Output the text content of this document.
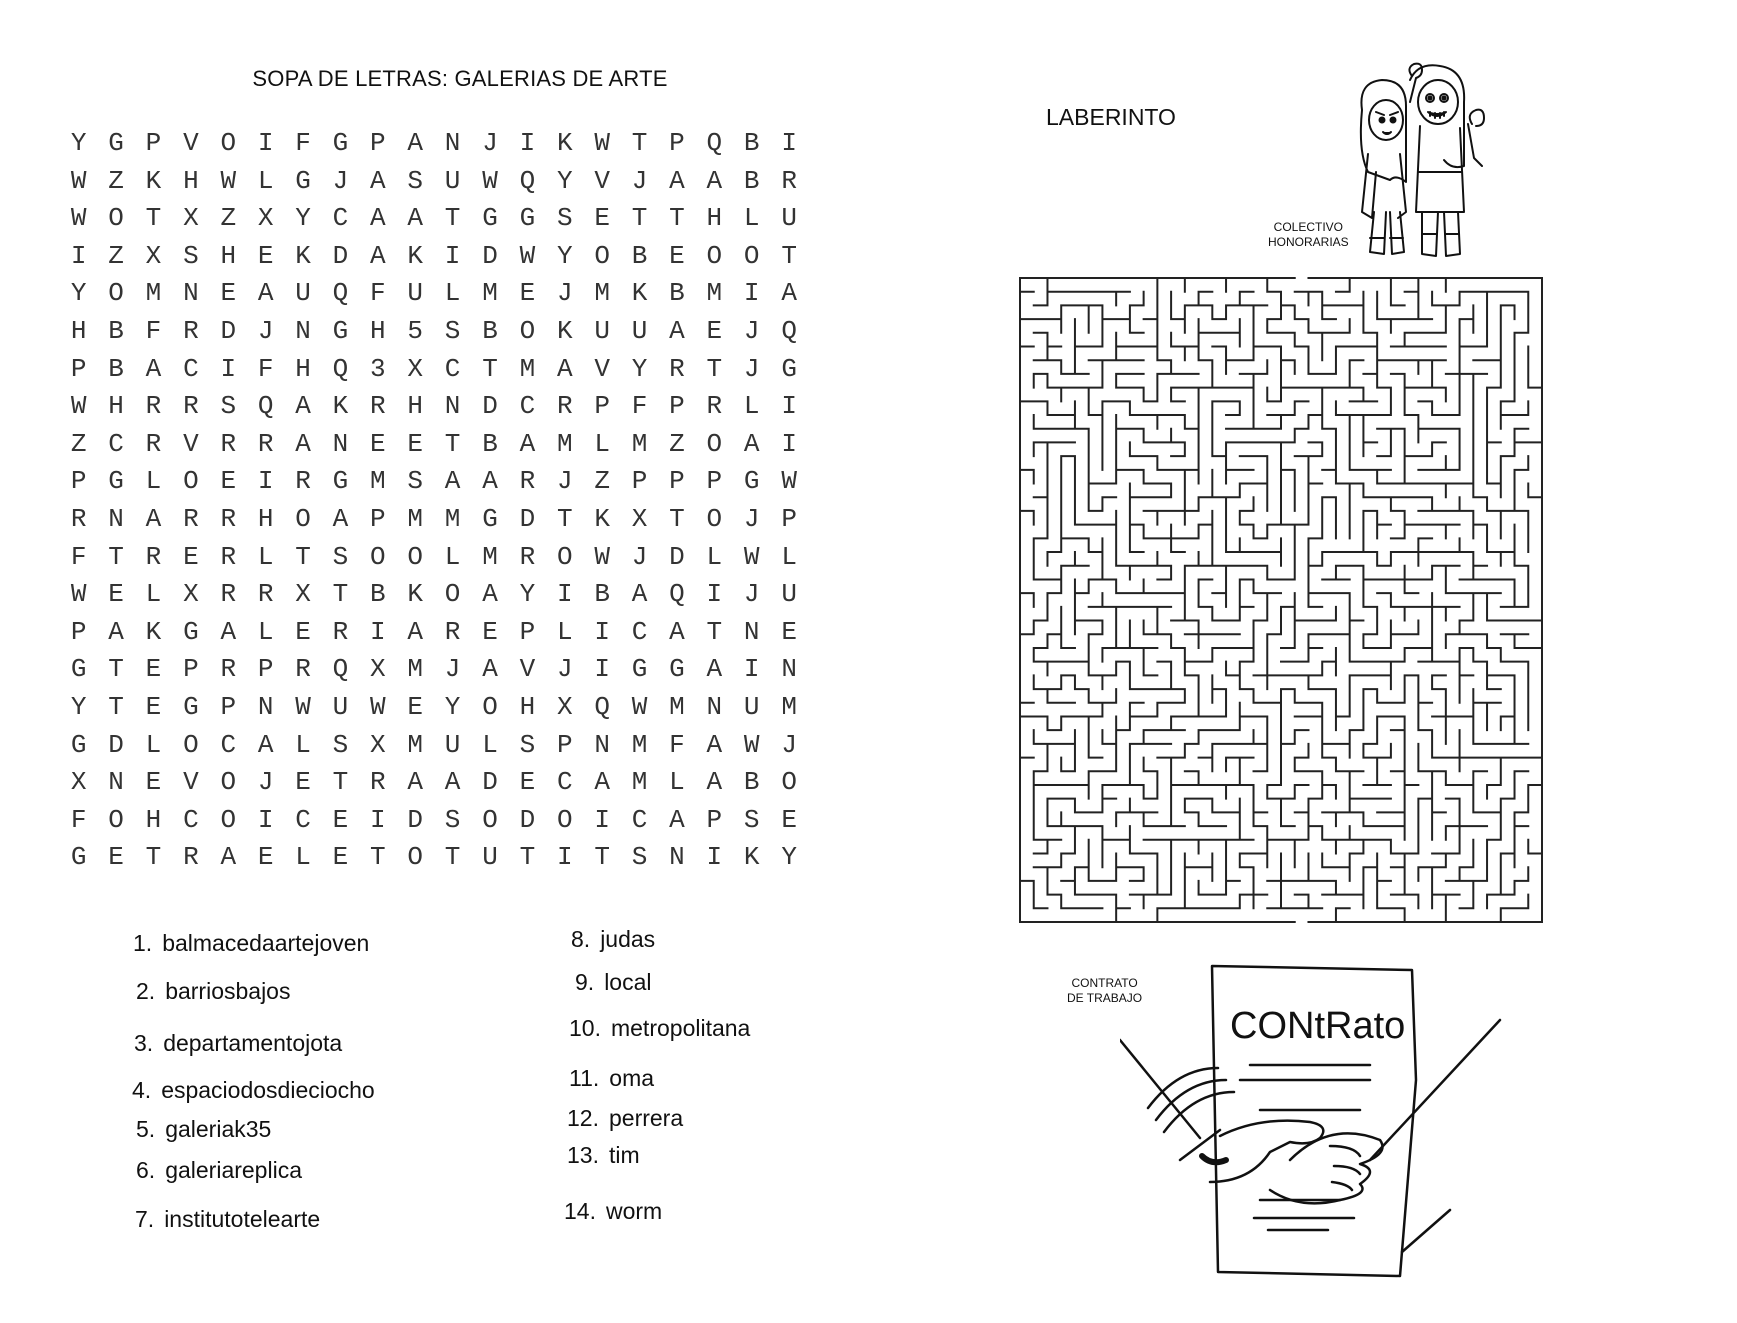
SOPA DE LETRAS: GALERIAS DE ARTE
Y G P V O I F G P A N J I K W T P Q B I
W Z K H W L G J A S U W Q Y V J A A B R
W O T X Z X Y C A A T G G S E T T H L U
I Z X S H E K D A K I D W Y O B E O O T
Y O M N E A U Q F U L M E J M K B M I A
H B F R D J N G H 5 S B O K U U A E J Q
P B A C I F H Q 3 X C T M A V Y R T J G
W H R R S Q A K R H N D C R P F P R L I
Z C R V R R A N E E T B A M L M Z O A I
P G L O E I R G M S A A R J Z P P P G W
R N A R R H O A P M M G D T K X T O J P
F T R E R L T S O O L M R O W J D L W L
W E L X R R X T B K O A Y I B A Q I J U
P A K G A L E R I A R E P L I C A T N E
G T E P R P R Q X M J A V J I G G A I N
Y T E G P N W U W E Y O H X Q W M N U M
G D L O C A L S X M U L S P N M F A W J
X N E V O J E T R A A D E C A M L A B O
F O H C O I C E I D S O D O I C A P S E
G E T R A E L E T O T U T I T S N I K Y
1. balmacedaartejoven
2. barriosbajos
3. departamentojota
4. espaciodosdieciocho
5. galeriak35
6. galeriareplica
7. institutotelearte
8. judas
9. local
10. metropolitana
11. oma
12. perrera
13. tim
14. worm
LABERINTO
COLECTIVO
HONORARIAS
CONTRATO
DE TRABAJO
CONtRato
